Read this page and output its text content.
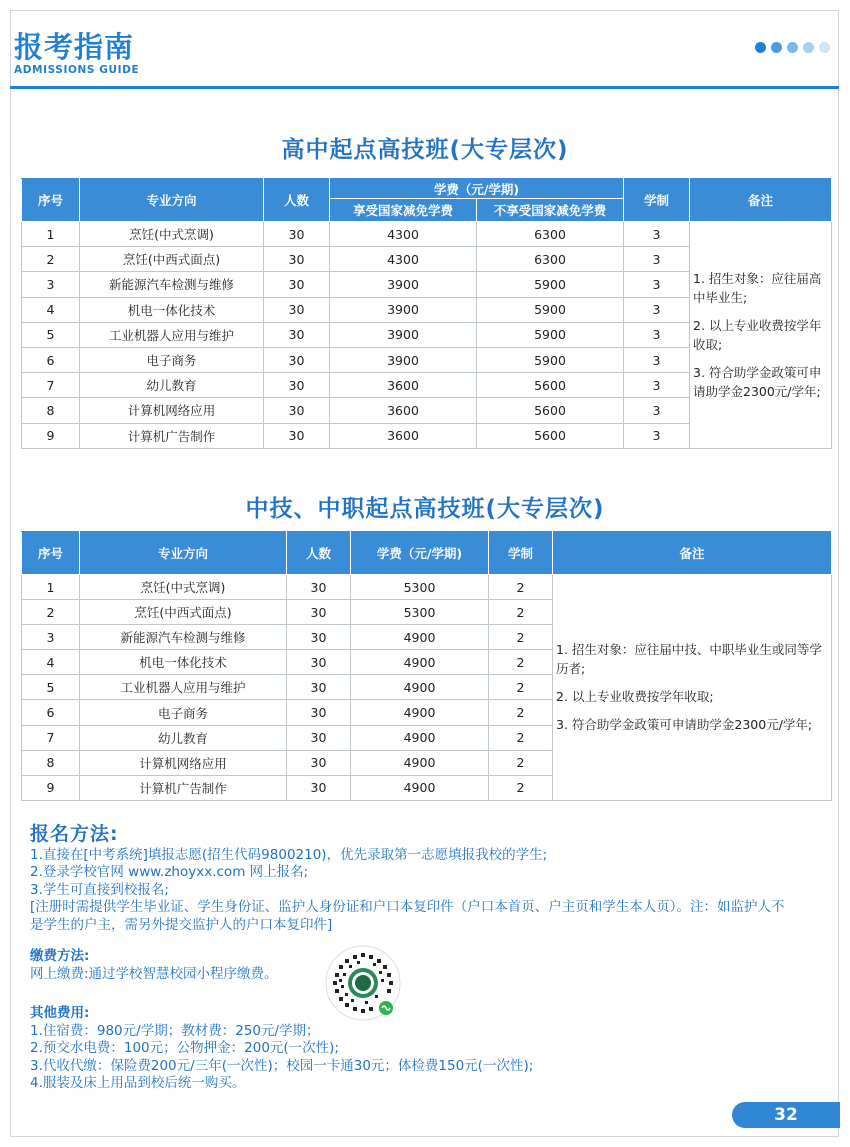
报考指南
ADMISSIONS GUIDE
高中起点高技班(大专层次)
序号	专业方向	人数	学费（元/学期)		学制	备注
			享受国家减免学费	不享受国家减免学费		
1	烹饪(中式烹调)	30	4300	6300	3	1. 招生对象：应往届高中毕业生;
2. 以上专业收费按学年收取;
3. 符合助学金政策可申请助学金2300元/学年;

2	烹饪(中西式面点)	30	4300	6300	3	
3	新能源汽车检测与维修	30	3900	5900	3	
4	机电一体化技术	30	3900	5900	3	
5	工业机器人应用与维护	30	3900	5900	3	
6	电子商务	30	3900	5900	3	
7	幼儿教育	30	3600	5600	3	
8	计算机网络应用	30	3600	5600	3	
9	计算机广告制作	30	3600	5600	3	
中技、中职起点高技班(大专层次)
序号	专业方向	人数	学费（元/学期)	学制	备注
1	烹饪(中式烹调)	30	5300	2	1. 招生对象：应往届中技、中职毕业生或同等学历者;
2. 以上专业收费按学年收取;
3. 符合助学金政策可申请助学金2300元/学年;

2	烹饪(中西式面点)	30	5300	2	
3	新能源汽车检测与维修	30	4900	2	
4	机电一体化技术	30	4900	2	
5	工业机器人应用与维护	30	4900	2	
6	电子商务	30	4900	2	
7	幼儿教育	30	4900	2	
8	计算机网络应用	30	4900	2	
9	计算机广告制作	30	4900	2	
报名方法:

1.直接在[中考系统]填报志愿(招生代码9800210)，优先录取第一志愿填报我校的学生;

2.登录学校官网 www.zhoyxx.com 网上报名;

3.学生可直接到校报名;

[注册时需提供学生毕业证、学生身份证、监护人身份证和户口本复印件（户口本首页、户主页和学生本人页）。注：如监护人不是学生的户主，需另外提交监护人的户口本复印件]

缴费方法:

网上缴费:通过学校智慧校园小程序缴费。

其他费用:

1.住宿费：980元/学期；教材费：250元/学期；

2.预交水电费：100元；公物押金：200元(一次性);

3.代收代缴：保险费200元/三年(一次性)；校园一卡通30元；体检费150元(一次性);

4.服装及床上用品到校后统一购买。

32
